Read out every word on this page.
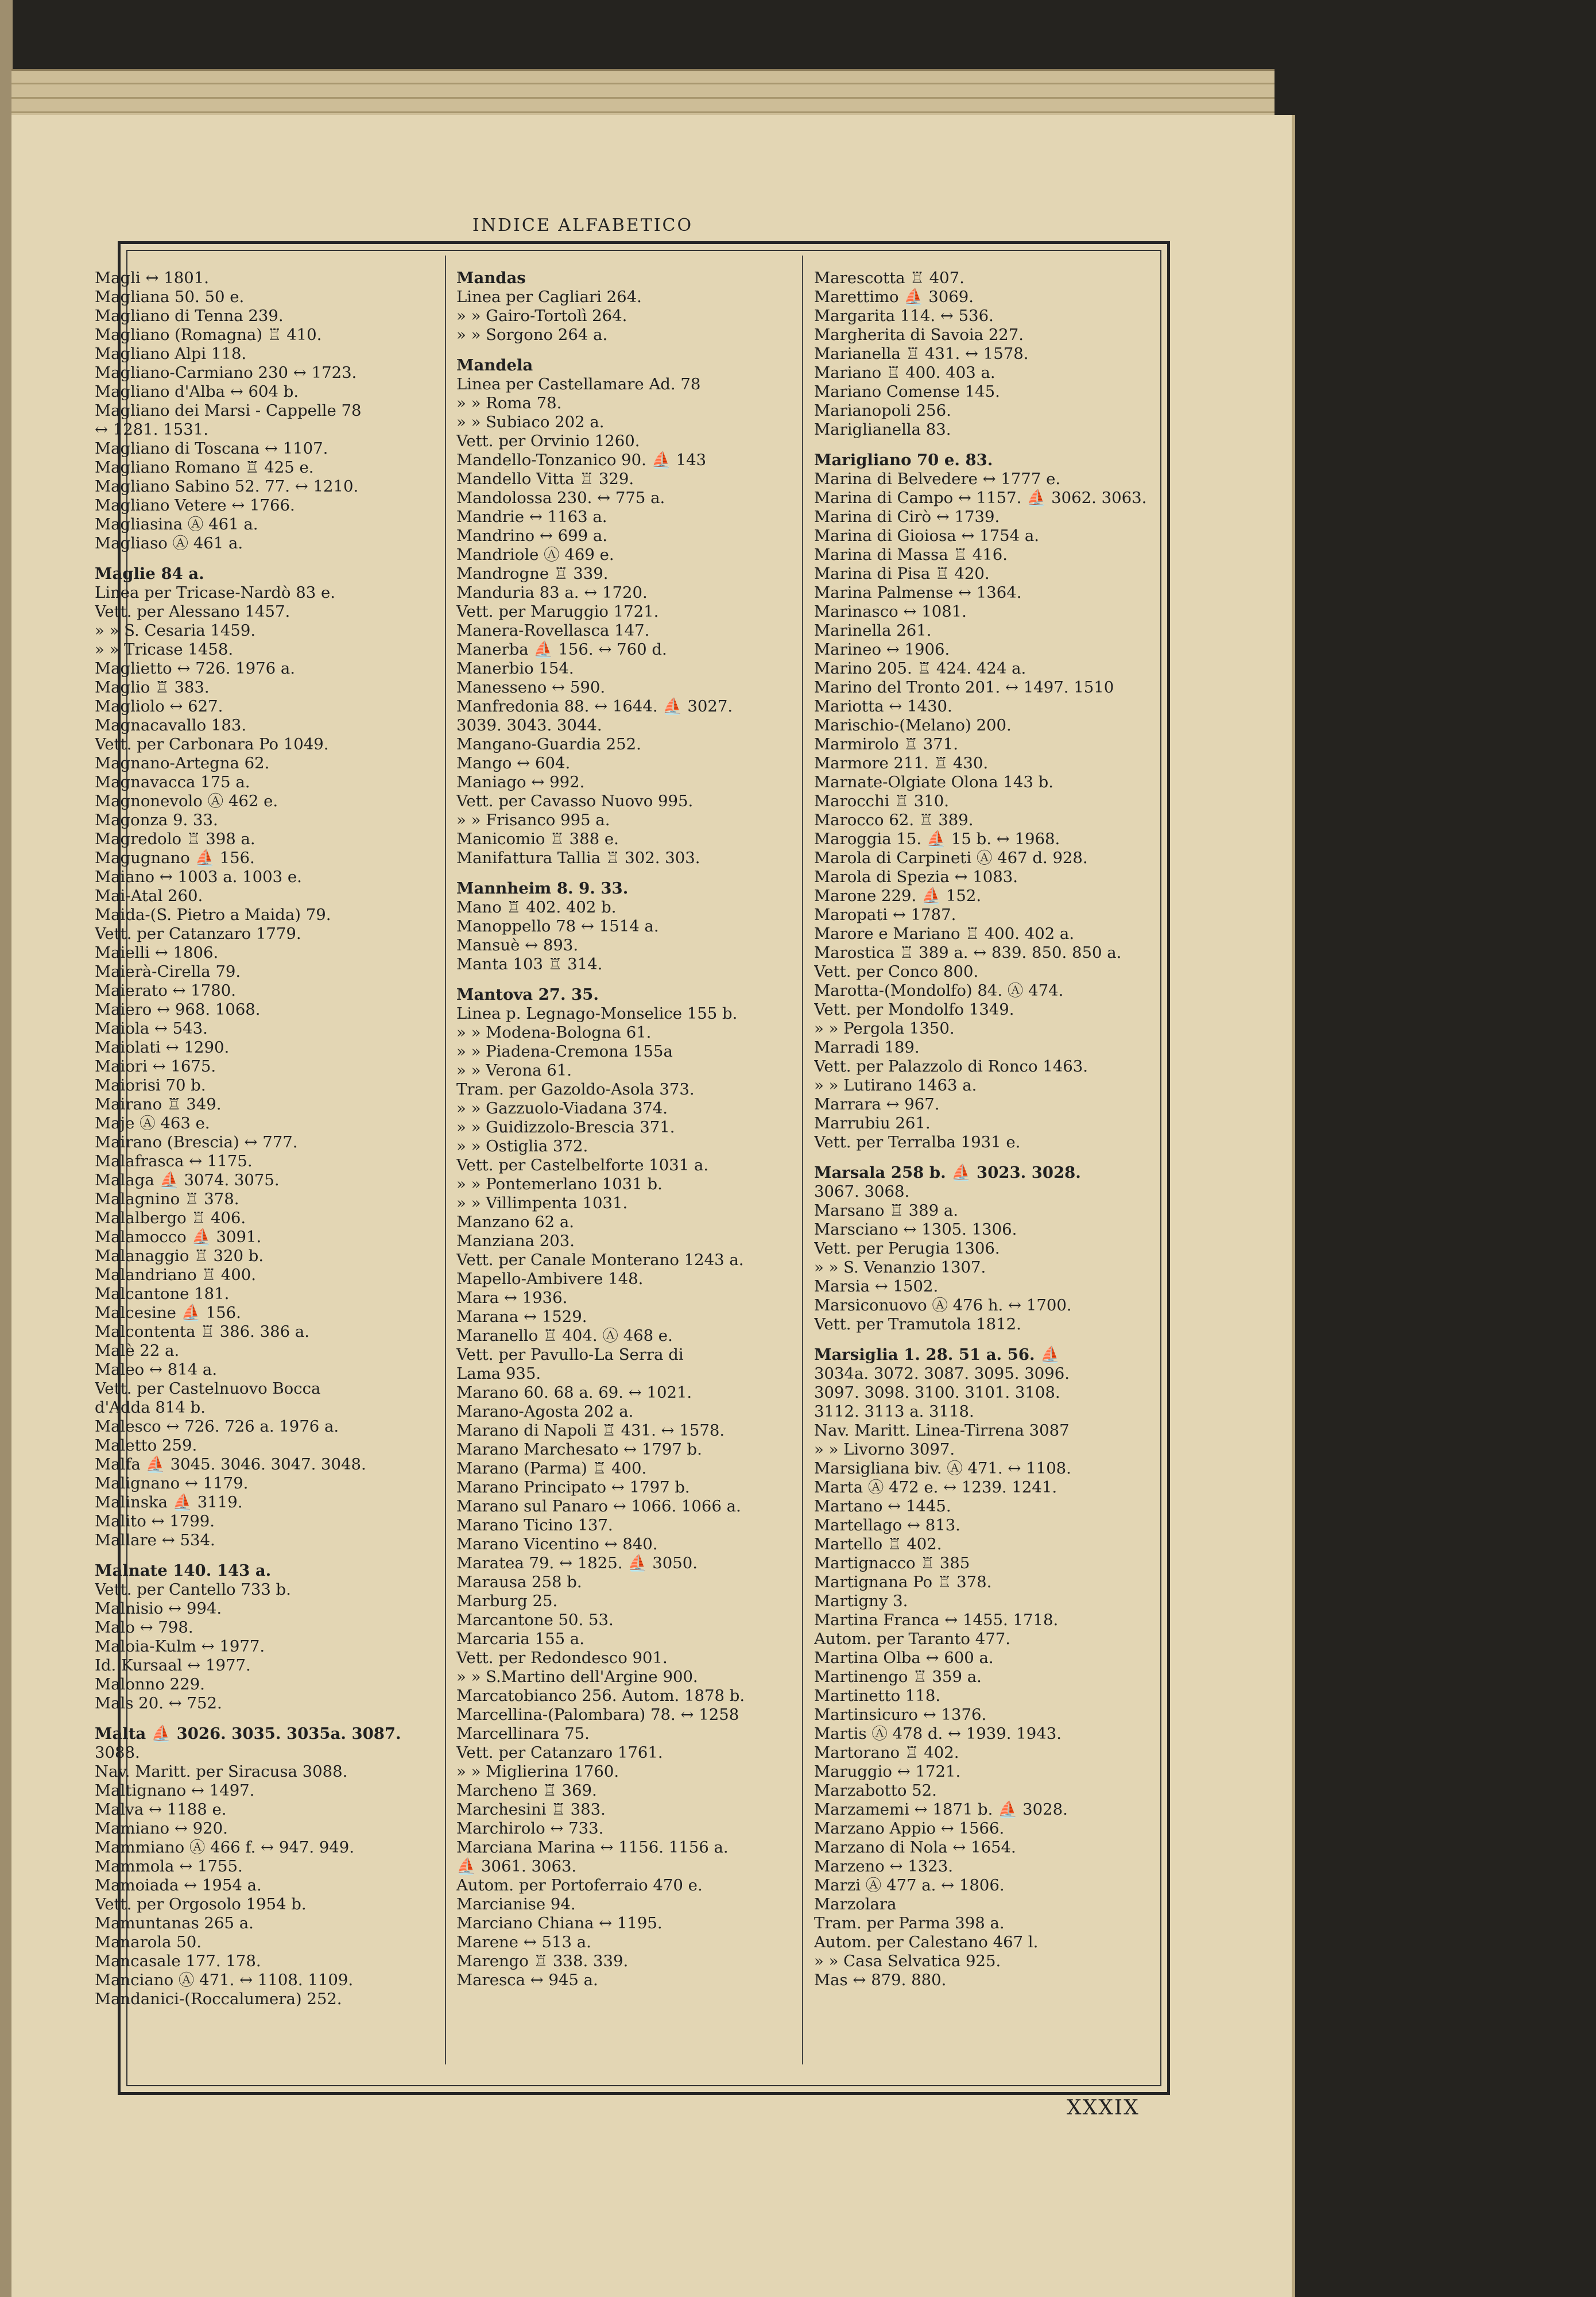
INDICE ALFABETICO
Magli ↔ 1801.
Magliana 50. 50 e.
Magliano di Tenna 239.
Magliano (Romagna) ♖ 410.
Magliano Alpi 118.
Magliano-Carmiano 230 ↔ 1723.
Magliano d'Alba ↔ 604 b.
Magliano dei Marsi - Cappelle 78
↔ 1281. 1531.
Magliano di Toscana ↔ 1107.
Magliano Romano ♖ 425 e.
Magliano Sabino 52. 77. ↔ 1210.
Magliano Vetere ↔ 1766.
Magliasina Ⓐ 461 a.
Magliaso Ⓐ 461 a.
Maglie 84 a.
Linea per Tricase-Nardò 83 e.
Vett. per Alessano 1457.
» » S. Cesaria 1459.
» » Tricase 1458.
Maglietto ↔ 726. 1976 a.
Maglio ♖ 383.
Magliolo ↔ 627.
Magnacavallo 183.
Vett. per Carbonara Po 1049.
Magnano-Artegna 62.
Magnavacca 175 a.
Magnonevolo Ⓐ 462 e.
Magonza 9. 33.
Magredolo ♖ 398 a.
Magugnano ⛵ 156.
Maiano ↔ 1003 a. 1003 e.
Mai-Atal 260.
Maida-(S. Pietro a Maida) 79.
Vett. per Catanzaro 1779.
Maielli ↔ 1806.
Maierà-Cirella 79.
Maierato ↔ 1780.
Maiero ↔ 968. 1068.
Maiola ↔ 543.
Maiolati ↔ 1290.
Maiori ↔ 1675.
Maiorisi 70 b.
Mairano ♖ 349.
Maje Ⓐ 463 e.
Mairano (Brescia) ↔ 777.
Malafrasca ↔ 1175.
Malaga ⛵ 3074. 3075.
Malagnino ♖ 378.
Malalbergo ♖ 406.
Malamocco ⛵ 3091.
Malanaggio ♖ 320 b.
Malandriano ♖ 400.
Malcantone 181.
Malcesine ⛵ 156.
Malcontenta ♖ 386. 386 a.
Malè 22 a.
Maleo ↔ 814 a.
Vett. per Castelnuovo Bocca
d'Adda 814 b.
Malesco ↔ 726. 726 a. 1976 a.
Maletto 259.
Malfa ⛵ 3045. 3046. 3047. 3048.
Malignano ↔ 1179.
Malinska ⛵ 3119.
Malito ↔ 1799.
Mallare ↔ 534.
Malnate 140. 143 a.
Vett. per Cantello 733 b.
Malnisio ↔ 994.
Malo ↔ 798.
Maloia-Kulm ↔ 1977.
Id. Kursaal ↔ 1977.
Malonno 229.
Mals 20. ↔ 752.
Malta ⛵ 3026. 3035. 3035a. 3087.
3088.
Nav. Maritt. per Siracusa 3088.
Maltignano ↔ 1497.
Malva ↔ 1188 e.
Mamiano ↔ 920.
Mammiano Ⓐ 466 f. ↔ 947. 949.
Mammola ↔ 1755.
Mamoiada ↔ 1954 a.
Vett. per Orgosolo 1954 b.
Mamuntanas 265 a.
Manarola 50.
Mancasale 177. 178.
Manciano Ⓐ 471. ↔ 1108. 1109.
Mandanici-(Roccalumera) 252.
Mandas
Linea per Cagliari 264.
» » Gairo-Tortolì 264.
» » Sorgono 264 a.
Mandela
Linea per Castellamare Ad. 78
» » Roma 78.
» » Subiaco 202 a.
Vett. per Orvinio 1260.
Mandello-Tonzanico 90. ⛵ 143
Mandello Vitta ♖ 329.
Mandolossa 230. ↔ 775 a.
Mandrie ↔ 1163 a.
Mandrino ↔ 699 a.
Mandriole Ⓐ 469 e.
Mandrogne ♖ 339.
Manduria 83 a. ↔ 1720.
Vett. per Maruggio 1721.
Manera-Rovellasca 147.
Manerba ⛵ 156. ↔ 760 d.
Manerbio 154.
Manesseno ↔ 590.
Manfredonia 88. ↔ 1644. ⛵ 3027.
3039. 3043. 3044.
Mangano-Guardia 252.
Mango ↔ 604.
Maniago ↔ 992.
Vett. per Cavasso Nuovo 995.
» » Frisanco 995 a.
Manicomio ♖ 388 e.
Manifattura Tallia ♖ 302. 303.
Mannheim 8. 9. 33.
Mano ♖ 402. 402 b.
Manoppello 78 ↔ 1514 a.
Mansuè ↔ 893.
Manta 103 ♖ 314.
Mantova 27. 35.
Linea p. Legnago-Monselice 155 b.
» » Modena-Bologna 61.
» » Piadena-Cremona 155a
» » Verona 61.
Tram. per Gazoldo-Asola 373.
» » Gazzuolo-Viadana 374.
» » Guidizzolo-Brescia 371.
» » Ostiglia 372.
Vett. per Castelbelforte 1031 a.
» » Pontemerlano 1031 b.
» » Villimpenta 1031.
Manzano 62 a.
Manziana 203.
Vett. per Canale Monterano 1243 a.
Mapello-Ambivere 148.
Mara ↔ 1936.
Marana ↔ 1529.
Maranello ♖ 404. Ⓐ 468 e.
Vett. per Pavullo-La Serra di
Lama 935.
Marano 60. 68 a. 69. ↔ 1021.
Marano-Agosta 202 a.
Marano di Napoli ♖ 431. ↔ 1578.
Marano Marchesato ↔ 1797 b.
Marano (Parma) ♖ 400.
Marano Principato ↔ 1797 b.
Marano sul Panaro ↔ 1066. 1066 a.
Marano Ticino 137.
Marano Vicentino ↔ 840.
Maratea 79. ↔ 1825. ⛵ 3050.
Marausa 258 b.
Marburg 25.
Marcantone 50. 53.
Marcaria 155 a.
Vett. per Redondesco 901.
» » S.Martino dell'Argine 900.
Marcatobianco 256. Autom. 1878 b.
Marcellina-(Palombara) 78. ↔ 1258
Marcellinara 75.
Vett. per Catanzaro 1761.
» » Miglierina 1760.
Marcheno ♖ 369.
Marchesini ♖ 383.
Marchirolo ↔ 733.
Marciana Marina ↔ 1156. 1156 a.
⛵ 3061. 3063.
Autom. per Portoferraio 470 e.
Marcianise 94.
Marciano Chiana ↔ 1195.
Marene ↔ 513 a.
Marengo ♖ 338. 339.
Maresca ↔ 945 a.
Marescotta ♖ 407.
Marettimo ⛵ 3069.
Margarita 114. ↔ 536.
Margherita di Savoia 227.
Marianella ♖ 431. ↔ 1578.
Mariano ♖ 400. 403 a.
Mariano Comense 145.
Marianopoli 256.
Mariglianella 83.
Marigliano 70 e. 83.
Marina di Belvedere ↔ 1777 e.
Marina di Campo ↔ 1157. ⛵ 3062. 3063.
Marina di Cirò ↔ 1739.
Marina di Gioiosa ↔ 1754 a.
Marina di Massa ♖ 416.
Marina di Pisa ♖ 420.
Marina Palmense ↔ 1364.
Marinasco ↔ 1081.
Marinella 261.
Marineo ↔ 1906.
Marino 205. ♖ 424. 424 a.
Marino del Tronto 201. ↔ 1497. 1510
Mariotta ↔ 1430.
Marischio-(Melano) 200.
Marmirolo ♖ 371.
Marmore 211. ♖ 430.
Marnate-Olgiate Olona 143 b.
Marocchi ♖ 310.
Marocco 62. ♖ 389.
Maroggia 15. ⛵ 15 b. ↔ 1968.
Marola di Carpineti Ⓐ 467 d. 928.
Marola di Spezia ↔ 1083.
Marone 229. ⛵ 152.
Maropati ↔ 1787.
Marore e Mariano ♖ 400. 402 a.
Marostica ♖ 389 a. ↔ 839. 850. 850 a.
Vett. per Conco 800.
Marotta-(Mondolfo) 84. Ⓐ 474.
Vett. per Mondolfo 1349.
» » Pergola 1350.
Marradi 189.
Vett. per Palazzolo di Ronco 1463.
» » Lutirano 1463 a.
Marrara ↔ 967.
Marrubiu 261.
Vett. per Terralba 1931 e.
Marsala 258 b. ⛵ 3023. 3028.
3067. 3068.
Marsano ♖ 389 a.
Marsciano ↔ 1305. 1306.
Vett. per Perugia 1306.
» » S. Venanzio 1307.
Marsia ↔ 1502.
Marsiconuovo Ⓐ 476 h. ↔ 1700.
Vett. per Tramutola 1812.
Marsiglia 1. 28. 51 a. 56. ⛵
3034a. 3072. 3087. 3095. 3096.
3097. 3098. 3100. 3101. 3108.
3112. 3113 a. 3118.
Nav. Maritt. Linea-Tirrena 3087
» » Livorno 3097.
Marsigliana biv. Ⓐ 471. ↔ 1108.
Marta Ⓐ 472 e. ↔ 1239. 1241.
Martano ↔ 1445.
Martellago ↔ 813.
Martello ♖ 402.
Martignacco ♖ 385
Martignana Po ♖ 378.
Martigny 3.
Martina Franca ↔ 1455. 1718.
Autom. per Taranto 477.
Martina Olba ↔ 600 a.
Martinengo ♖ 359 a.
Martinetto 118.
Martinsicuro ↔ 1376.
Martis Ⓐ 478 d. ↔ 1939. 1943.
Martorano ♖ 402.
Maruggio ↔ 1721.
Marzabotto 52.
Marzamemi ↔ 1871 b. ⛵ 3028.
Marzano Appio ↔ 1566.
Marzano di Nola ↔ 1654.
Marzeno ↔ 1323.
Marzi Ⓐ 477 a. ↔ 1806.
Marzolara
Tram. per Parma 398 a.
Autom. per Calestano 467 l.
» » Casa Selvatica 925.
Mas ↔ 879. 880.
XXXIX
